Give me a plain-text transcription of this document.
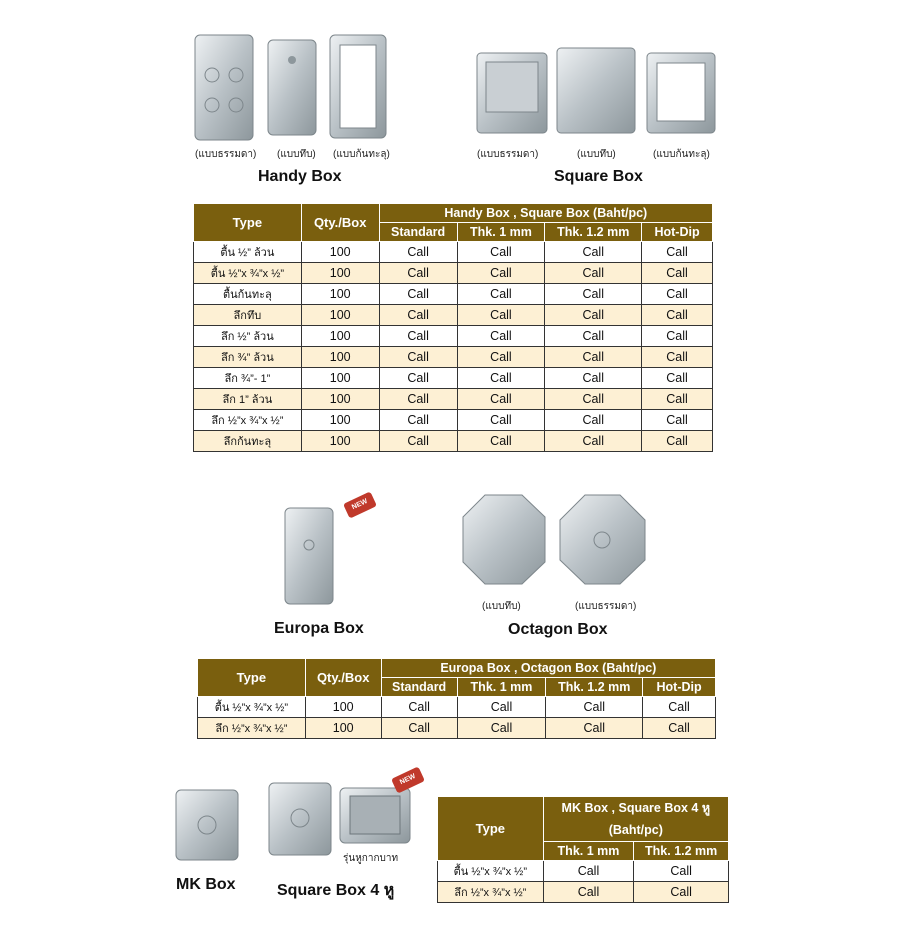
(แบบธรรมดา) (แบบทึบ) (แบบก้นทะลุ)
Handy Box
(แบบธรรมดา)	(แบบทึบ)	(แบบก้นทะลุ)
Square Box
Type	Qty./Box	Handy Box , Square Box (Baht/pc)			
		Standard	Thk. 1 mm	Thk. 1.2 mm	Hot-Dip
ตื้น ½” ล้วน	100	Call	Call	Call	Call
ตื้น ½”x ¾”x ½”	100	Call	Call	Call	Call
ตื้นก้นทะลุ	100	Call	Call	Call	Call
ลึกทึบ	100	Call	Call	Call	Call
ลึก ½” ล้วน	100	Call	Call	Call	Call
ลึก ¾” ล้วน	100	Call	Call	Call	Call
ลึก ¾”- 1”	100	Call	Call	Call	Call
ลึก 1” ล้วน	100	Call	Call	Call	Call
ลึก ½”x ¾”x ½”	100	Call	Call	Call	Call
ลึกก้นทะลุ	100	Call	Call	Call	Call
NEW
Europa Box
(แบบทึบ)	(แบบธรรมดา)
Octagon Box
Type	Qty./Box	Europa Box , Octagon Box (Baht/pc)			
		Standard	Thk. 1 mm	Thk. 1.2 mm	Hot-Dip
ตื้น ½”x ¾”x ½”	100	Call	Call	Call	Call
ลึก ½”x ¾”x ½”	100	Call	Call	Call	Call
MK Box
NEW
รุ่นหูกากบาท
Square Box 4 หู
Type	MK Box , Square Box 4 หู
(Baht/pc)	
	Thk. 1 mm	Thk. 1.2 mm
ตื้น ½”x ¾”x ½”	Call	Call
ลึก ½”x ¾”x ½”	Call	Call
